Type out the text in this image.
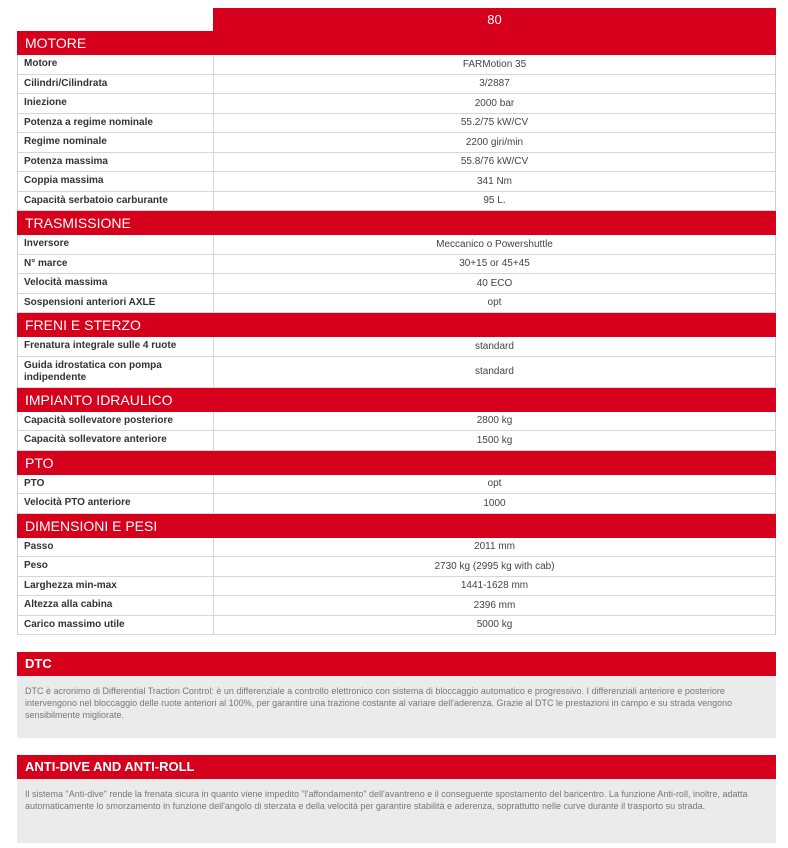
80
MOTORE
Motore	FARMotion 35
Cilindri/Cilindrata	3/2887
Iniezione	2000 bar
Potenza a regime nominale	55.2/75 kW/CV
Regime nominale	2200 giri/min
Potenza massima	55.8/76 kW/CV
Coppia massima	341 Nm
Capacità serbatoio carburante	95 L.
TRASMISSIONE
Inversore	Meccanico o Powershuttle
N° marce	30+15 or 45+45
Velocità massima	40 ECO
Sospensioni anteriori AXLE	opt
FRENI E STERZO
Frenatura integrale sulle 4 ruote	standard
Guida idrostatica con pompa indipendente	standard
IMPIANTO IDRAULICO
Capacità sollevatore posteriore	2800 kg
Capacità sollevatore anteriore	1500 kg
PTO
PTO	opt
Velocità PTO anteriore	1000
DIMENSIONI E PESI
Passo	2011 mm
Peso	2730 kg (2995 kg with cab)
Larghezza min-max	1441-1628 mm
Altezza alla cabina	2396 mm
Carico massimo utile	5000 kg
DTC
DTC è acronimo di Differential Traction Control: è un differenziale a controllo elettronico con sistema di bloccaggio automatico e progressivo. I differenziali anteriore e posteriore intervengono nel bloccaggio delle ruote anteriori al 100%, per garantire una trazione costante al variare dell'aderenza. Grazie al DTC le prestazioni in campo e su strada vengono sensibilmente migliorate.
ANTI-DIVE AND ANTI-ROLL
Il sistema "Anti-dive" rende la frenata sicura in quanto viene impedito "l'affondamento" dell'avantreno e il conseguente spostamento del baricentro. La funzione Anti-roll, inoltre, adatta automaticamente lo smorzamento in funzione dell'angolo di sterzata e della velocità per garantire stabilità e aderenza, soprattutto nelle curve durante il trasporto su strada.
